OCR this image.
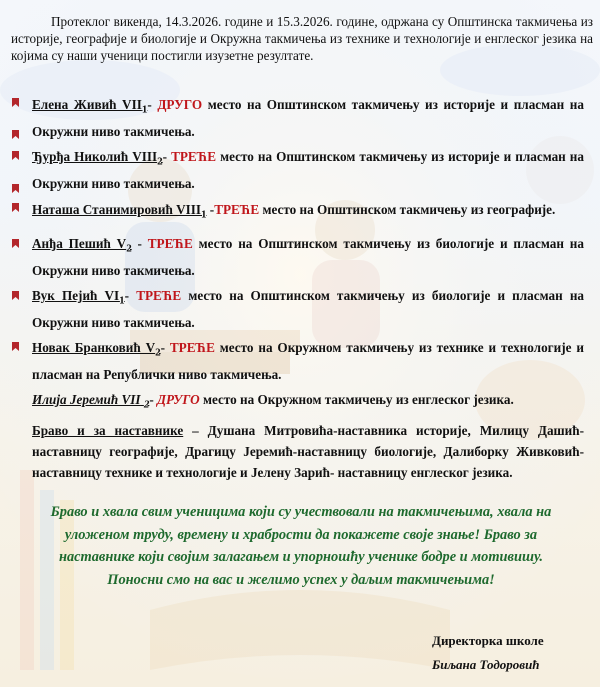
Протеклог викенда, 14.3.2026. године и 15.3.2026. године, одржана су Општинска такмичења из историје, географије и биологије и Окружна такмичења из технике и технологије и енглеског језика на којима су наши ученици постигли изузетне резултате.

Елена Живић $VII_1-$ ДРУГО место на Општинском такмичењу из историје и пласман на Окружни ниво такмичења.
Ђурђа Николић $VIII_2-$ ТРЕЋЕ место на Општинском такмичењу из историје и пласман на Окружни ниво такмичења.
Наташа Станимировић $VIII_1$ -ТРЕЋЕ место на Општинском такмичењу из географије.
Анђа Пешић $V_2$ - ТРЕЋЕ место на Општинском такмичењу из биологије и пласман на Окружни ниво такмичења.
Вук Пејић $VI_1-$ ТРЕЋЕ место на Општинском такмичењу из биологије и пласман на Окружни ниво такмичења.
Новак Бранковић $V_2-$ ТРЕЋЕ место на Окружном такмичењу из технике и технологије и пласман на Републички ниво такмичења.
Илија Јеремић VII $_2$- ДРУГО место на Окружном такмичењу из енглеског језика.
Браво и за наставнике – Душана Митровића-наставника историје, Милицу Дашић-наставницу географије, Драгицу Јеремић-наставницу биологије, Далиборку Живковић-наставницу технике и технологије и Јелену Зарић- наставницу енглеског језика.
Браво и хвала свим ученицима који су учествовали на такмичењима, хвала на
уложеном труду, времену и храбрости да покажете своје знање! Браво за
наставнике који својим залагањем и упорношћу ученике бодре и мотивишу.
Поносни смо на вас и желимо успех у даљим такмичењима!
Директорка школе
Биљана Тодоровић
